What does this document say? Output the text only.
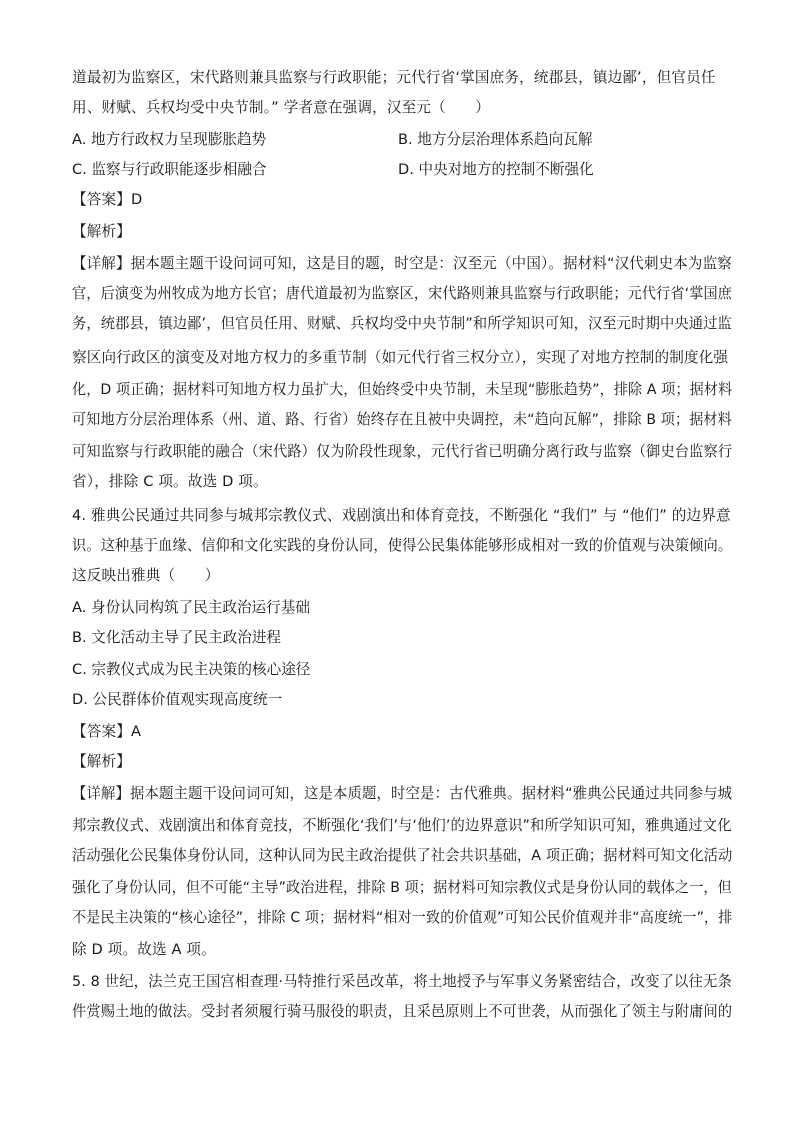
道最初为监察区，宋代路则兼具监察与行政职能；元代行省‘掌国庶务，统郡县，镇边鄙’，但官员任
用、财赋、兵权均受中央节制。” 学者意在强调，汉至元（　　）
A. 地方行政权力呈现膨胀趋势	B. 地方分层治理体系趋向瓦解
C. 监察与行政职能逐步相融合	D. 中央对地方的控制不断强化
【答案】D
【解析】
【详解】据本题主题干设问词可知，这是目的题，时空是：汉至元（中国）。据材料“汉代刺史本为监察
官，后演变为州牧成为地方长官；唐代道最初为监察区，宋代路则兼具监察与行政职能；元代行省‘掌国庶
务，统郡县，镇边鄙’，但官员任用、财赋、兵权均受中央节制”和所学知识可知，汉至元时期中央通过监
察区向行政区的演变及对地方权力的多重节制（如元代行省三权分立），实现了对地方控制的制度化强
化，D 项正确；据材料可知地方权力虽扩大，但始终受中央节制，未呈现“膨胀趋势”，排除 A 项；据材料
可知地方分层治理体系（州、道、路、行省）始终存在且被中央调控，未“趋向瓦解”，排除 B 项；据材料
可知监察与行政职能的融合（宋代路）仅为阶段性现象，元代行省已明确分离行政与监察（御史台监察行
省），排除 C 项。故选 D 项。
4. 雅典公民通过共同参与城邦宗教仪式、戏剧演出和体育竞技，不断强化 “我们” 与 “他们” 的边界意
识。这种基于血缘、信仰和文化实践的身份认同，使得公民集体能够形成相对一致的价值观与决策倾向。
这反映出雅典（　　）
A. 身份认同构筑了民主政治运行基础
B. 文化活动主导了民主政治进程
C. 宗教仪式成为民主决策的核心途径
D. 公民群体价值观实现高度统一
【答案】A
【解析】
【详解】据本题主题干设问词可知，这是本质题，时空是：古代雅典。据材料“雅典公民通过共同参与城
邦宗教仪式、戏剧演出和体育竞技，不断强化‘我们’与‘他们’的边界意识”和所学知识可知，雅典通过文化
活动强化公民集体身份认同，这种认同为民主政治提供了社会共识基础，A 项正确；据材料可知文化活动
强化了身份认同，但不可能“主导”政治进程，排除 B 项；据材料可知宗教仪式是身份认同的载体之一，但
不是民主决策的“核心途径”，排除 C 项；据材料“相对一致的价值观”可知公民价值观并非“高度统一”，排
除 D 项。故选 A 项。
5. 8 世纪，法兰克王国宫相查理·马特推行采邑改革，将土地授予与军事义务紧密结合，改变了以往无条
件赏赐土地的做法。受封者须履行骑马服役的职责，且采邑原则上不可世袭，从而强化了领主与附庸间的
